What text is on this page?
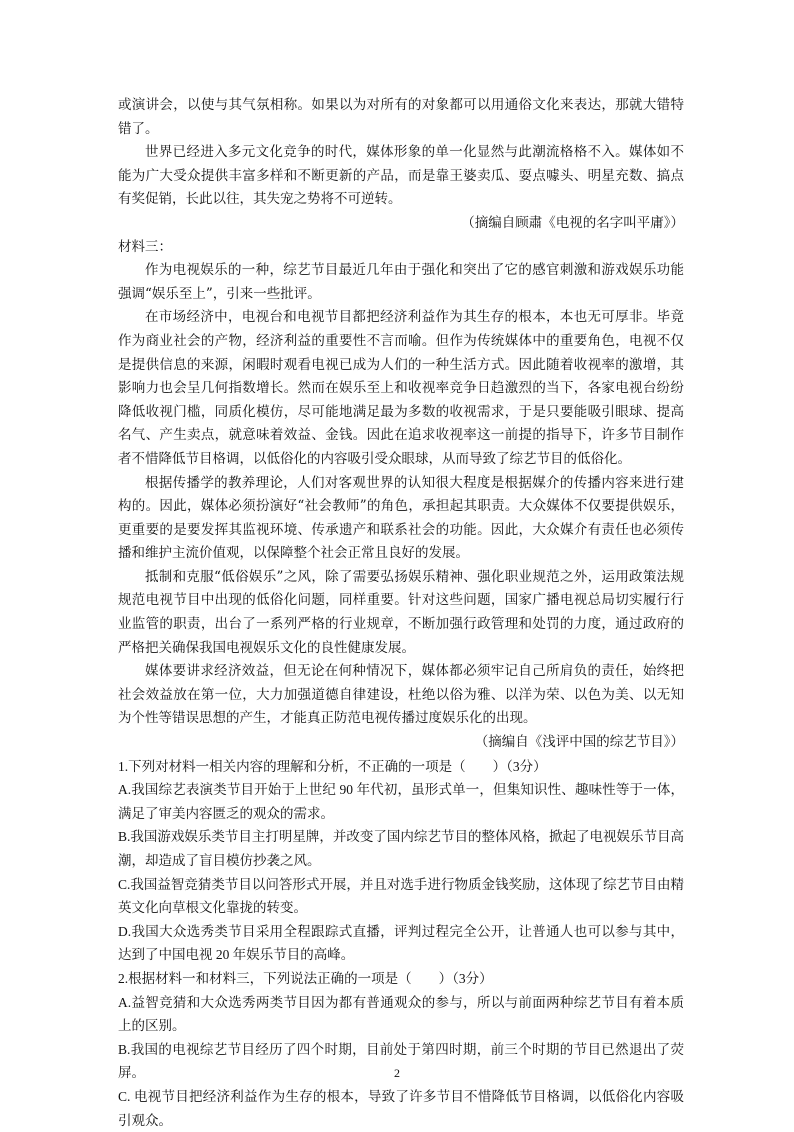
或演讲会，以使与其气氛相称。如果以为对所有的对象都可以用通俗文化来表达，那就大错特错了。

世界已经进入多元文化竞争的时代，媒体形象的单一化显然与此潮流格格不入。媒体如不能为广大受众提供丰富多样和不断更新的产品，而是靠王婆卖瓜、耍点噱头、明星充数、搞点有奖促销，长此以往，其失宠之势将不可逆转。

（摘编自顾肅《电视的名字叫平庸》）

材料三：

作为电视娱乐的一种，综艺节目最近几年由于强化和突出了它的感官刺激和游戏娱乐功能强调“娱乐至上”，引来一些批评。

在市场经济中，电视台和电视节目都把经济利益作为其生存的根本，本也无可厚非。毕竟作为商业社会的产物，经济利益的重要性不言而喻。但作为传统媒体中的重要角色，电视不仅是提供信息的来源，闲暇时观看电视已成为人们的一种生活方式。因此随着收视率的激增，其影响力也会呈几何指数增长。然而在娱乐至上和收视率竞争日趋激烈的当下，各家电视台纷纷降低收视门槛，同质化模仿，尽可能地满足最为多数的收视需求，于是只要能吸引眼球、提高名气、产生卖点，就意味着效益、金钱。因此在追求收视率这一前提的指导下，许多节目制作者不惜降低节目格调，以低俗化的内容吸引受众眼球，从而导致了综艺节目的低俗化。

根据传播学的教养理论，人们对客观世界的认知很大程度是根据媒介的传播内容来进行建构的。因此，媒体必须扮演好“社会教师”的角色，承担起其职责。大众媒体不仅要提供娱乐，更重要的是要发挥其监视环境、传承遗产和联系社会的功能。因此，大众媒介有责任也必须传播和维护主流价值观，以保障整个社会正常且良好的发展。

抵制和克服“低俗娱乐”之风，除了需要弘扬娱乐精神、强化职业规范之外，运用政策法规规范电视节目中出现的低俗化问题，同样重要。针对这些问题，国家广播电视总局切实履行行业监管的职责，出台了一系列严格的行业规章，不断加强行政管理和处罚的力度，通过政府的严格把关确保我国电视娱乐文化的良性健康发展。

媒体要讲求经济效益，但无论在何种情况下，媒体都必须牢记自己所肩负的责任，始终把社会效益放在第一位，大力加强道德自律建设，杜绝以俗为雅、以洋为荣、以色为美、以无知为个性等错误思想的产生，才能真正防范电视传播过度娱乐化的出现。

（摘编自《浅评中国的综艺节目》）

1.下列对材料一相关内容的理解和分析，不正确的一项是（　　）（3分）

A.我国综艺表演类节目开始于上世纪 90 年代初，虽形式单一，但集知识性、趣味性等于一体，满足了审美内容匮乏的观众的需求。

B.我国游戏娱乐类节目主打明星牌，并改变了国内综艺节目的整体风格，掀起了电视娱乐节目高潮，却造成了盲目模仿抄袭之风。

C.我国益智竞猜类节目以问答形式开展，并且对选手进行物质金钱奖励，这体现了综艺节目由精英文化向草根文化靠拢的转变。

D.我国大众选秀类节目采用全程跟踪式直播，评判过程完全公开，让普通人也可以参与其中，达到了中国电视 20 年娱乐节目的高峰。

2.根据材料一和材料三，下列说法正确的一项是（　　）（3分）

A.益智竞猜和大众选秀两类节目因为都有普通观众的参与，所以与前面两种综艺节目有着本质上的区别。

B.我国的电视综艺节目经历了四个时期，目前处于第四时期，前三个时期的节目已然退出了荧屏。

C. 电视节目把经济利益作为生存的根本，导致了许多节目不惜降低节目格调，以低俗化内容吸引观众。

2
